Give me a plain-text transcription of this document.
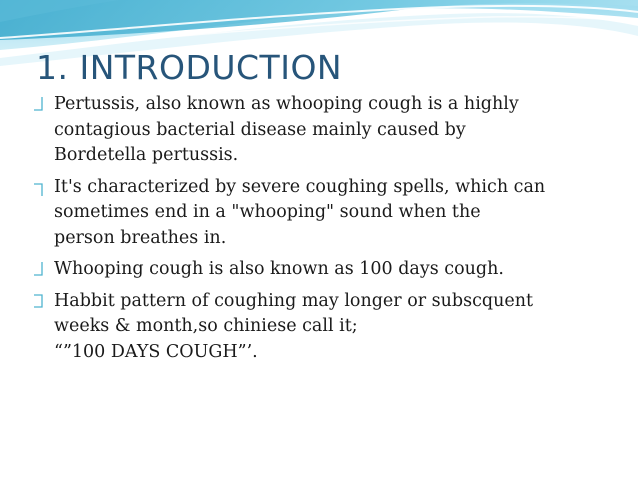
1. INTRODUCTION
Pertussis, also known as whooping cough is a highly
contagious bacterial disease mainly caused by
Bordetella pertussis.
It's characterized by severe coughing spells, which can
sometimes end in a "whooping" sound when the
person breathes in.
Whooping cough is also known as 100 days cough.
Habbit pattern of coughing may longer or subscquent
weeks & month,so chiniese call it;
“”100 DAYS COUGH”’.
